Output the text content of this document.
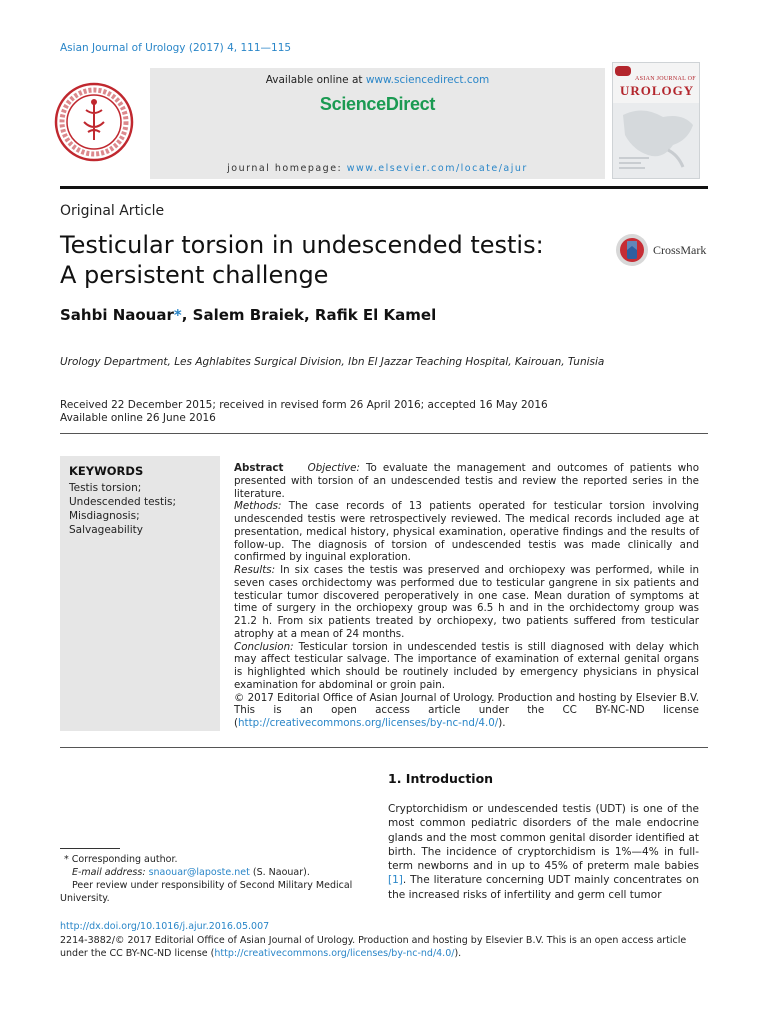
Asian Journal of Urology (2017) 4, 111—115
Available online at www.sciencedirect.com
ScienceDirect
journal homepage: www.elsevier.com/locate/ajur
ASIAN JOURNAL OF
UROLOGY
Original Article
Testicular torsion in undescended testis:
A persistent challenge
CrossMark
Sahbi Naouar*, Salem Braiek, Rafik El Kamel
Urology Department, Les Aghlabites Surgical Division, Ibn El Jazzar Teaching Hospital, Kairouan, Tunisia
Received 22 December 2015; received in revised form 26 April 2016; accepted 16 May 2016
Available online 26 June 2016
KEYWORDS
Testis torsion;
Undescended testis;
Misdiagnosis;
Salvageability

Abstract Objective: To evaluate the management and outcomes of patients who presented with torsion of an undescended testis and review the reported series in the literature.

Methods: The case records of 13 patients operated for testicular torsion involving undescended testis were retrospectively reviewed. The medical records included age at presentation, medical history, physical examination, operative findings and the results of follow-up. The diagnosis of torsion of undescended testis was made clinically and confirmed by inguinal exploration.

Results: In six cases the testis was preserved and orchiopexy was performed, while in seven cases orchidectomy was performed due to testicular gangrene in six patients and testicular tumor discovered peroperatively in one case. Mean duration of symptoms at time of surgery in the orchiopexy group was 6.5 h and in the orchidectomy group was 21.2 h. From six patients treated by orchiopexy, two patients suffered from testicular atrophy at a mean of 24 months.

Conclusion: Testicular torsion in undescended testis is still diagnosed with delay which may affect testicular salvage. The importance of examination of external genital organs is highlighted which should be routinely included by emergency physicians in physical examination for abdominal or groin pain.

© 2017 Editorial Office of Asian Journal of Urology. Production and hosting by Elsevier B.V. This is an open access article under the CC BY-NC-ND license (http://creativecommons.org/licenses/by-nc-nd/4.0/).

1. Introduction
Cryptorchidism or undescended testis (UDT) is one of the most common pediatric disorders of the male endocrine glands and the most common genital disorder identified at birth. The incidence of cryptorchidism is 1%—4% in full-term newborns and in up to 45% of preterm male babies [1]. The literature concerning UDT mainly concentrates on the increased risks of infertility and germ cell tumor

* Corresponding author.

E-mail address: snaouar@laposte.net (S. Naouar).

Peer review under responsibility of Second Military Medical University.

http://dx.doi.org/10.1016/j.ajur.2016.05.007
2214-3882/© 2017 Editorial Office of Asian Journal of Urology. Production and hosting by Elsevier B.V. This is an open access article under the CC BY-NC-ND license (http://creativecommons.org/licenses/by-nc-nd/4.0/).
